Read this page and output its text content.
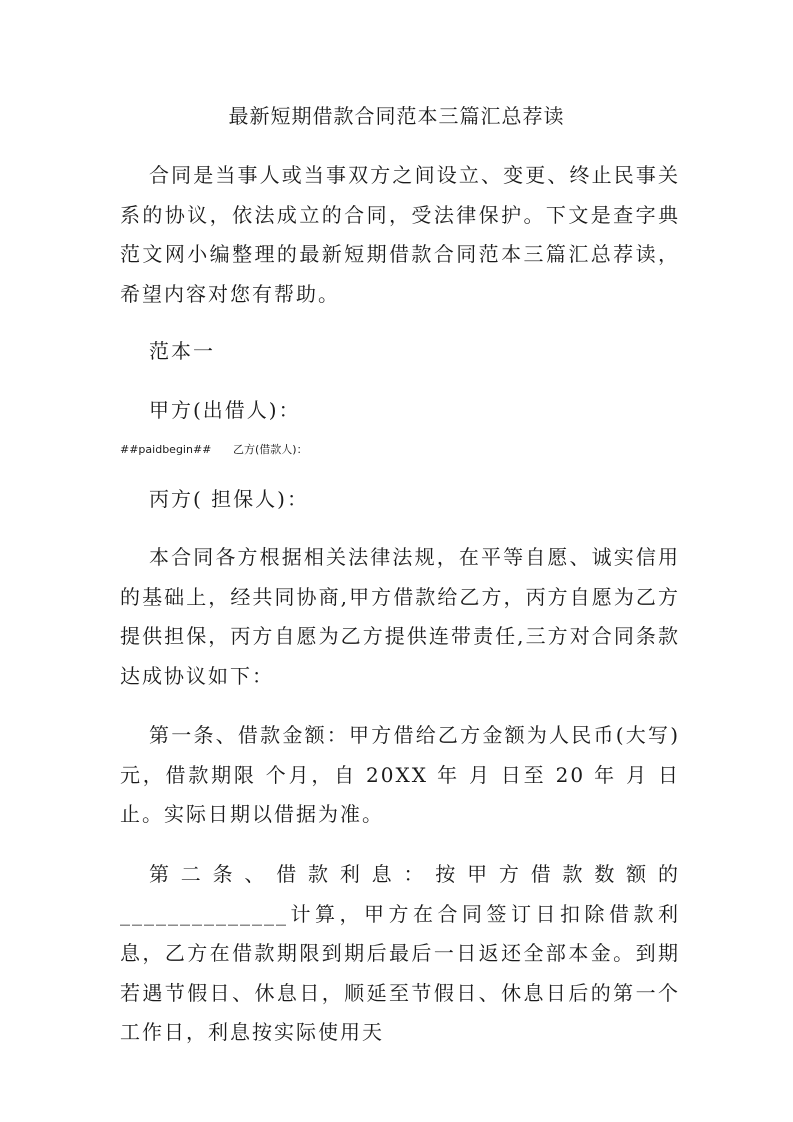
最新短期借款合同范本三篇汇总荐读

合同是当事人或当事双方之间设立、变更、终止民事关系的协议，依法成立的合同，受法律保护。下文是查字典范文网小编整理的最新短期借款合同范本三篇汇总荐读，希望内容对您有帮助。

范本一
甲方(出借人)：
##paidbegin## 乙方(借款人)：
丙方( 担保人)：

本合同各方根据相关法律法规，在平等自愿、诚实信用的基础上，经共同协商,甲方借款给乙方，丙方自愿为乙方提供担保，丙方自愿为乙方提供连带责任,三方对合同条款达成协议如下：

第一条、借款金额：甲方借给乙方金额为人民币(大写) 元，借款期限 个月，自 20XX 年 月 日至 20 年 月 日止。实际日期以借据为准。

第二条、借款利息：按甲方借款数额的______________计算，甲方在合同签订日扣除借款利息，乙方在借款期限到期后最后一日返还全部本金。到期若遇节假日、休息日，顺延至节假日、休息日后的第一个工作日，利息按实际使用天
